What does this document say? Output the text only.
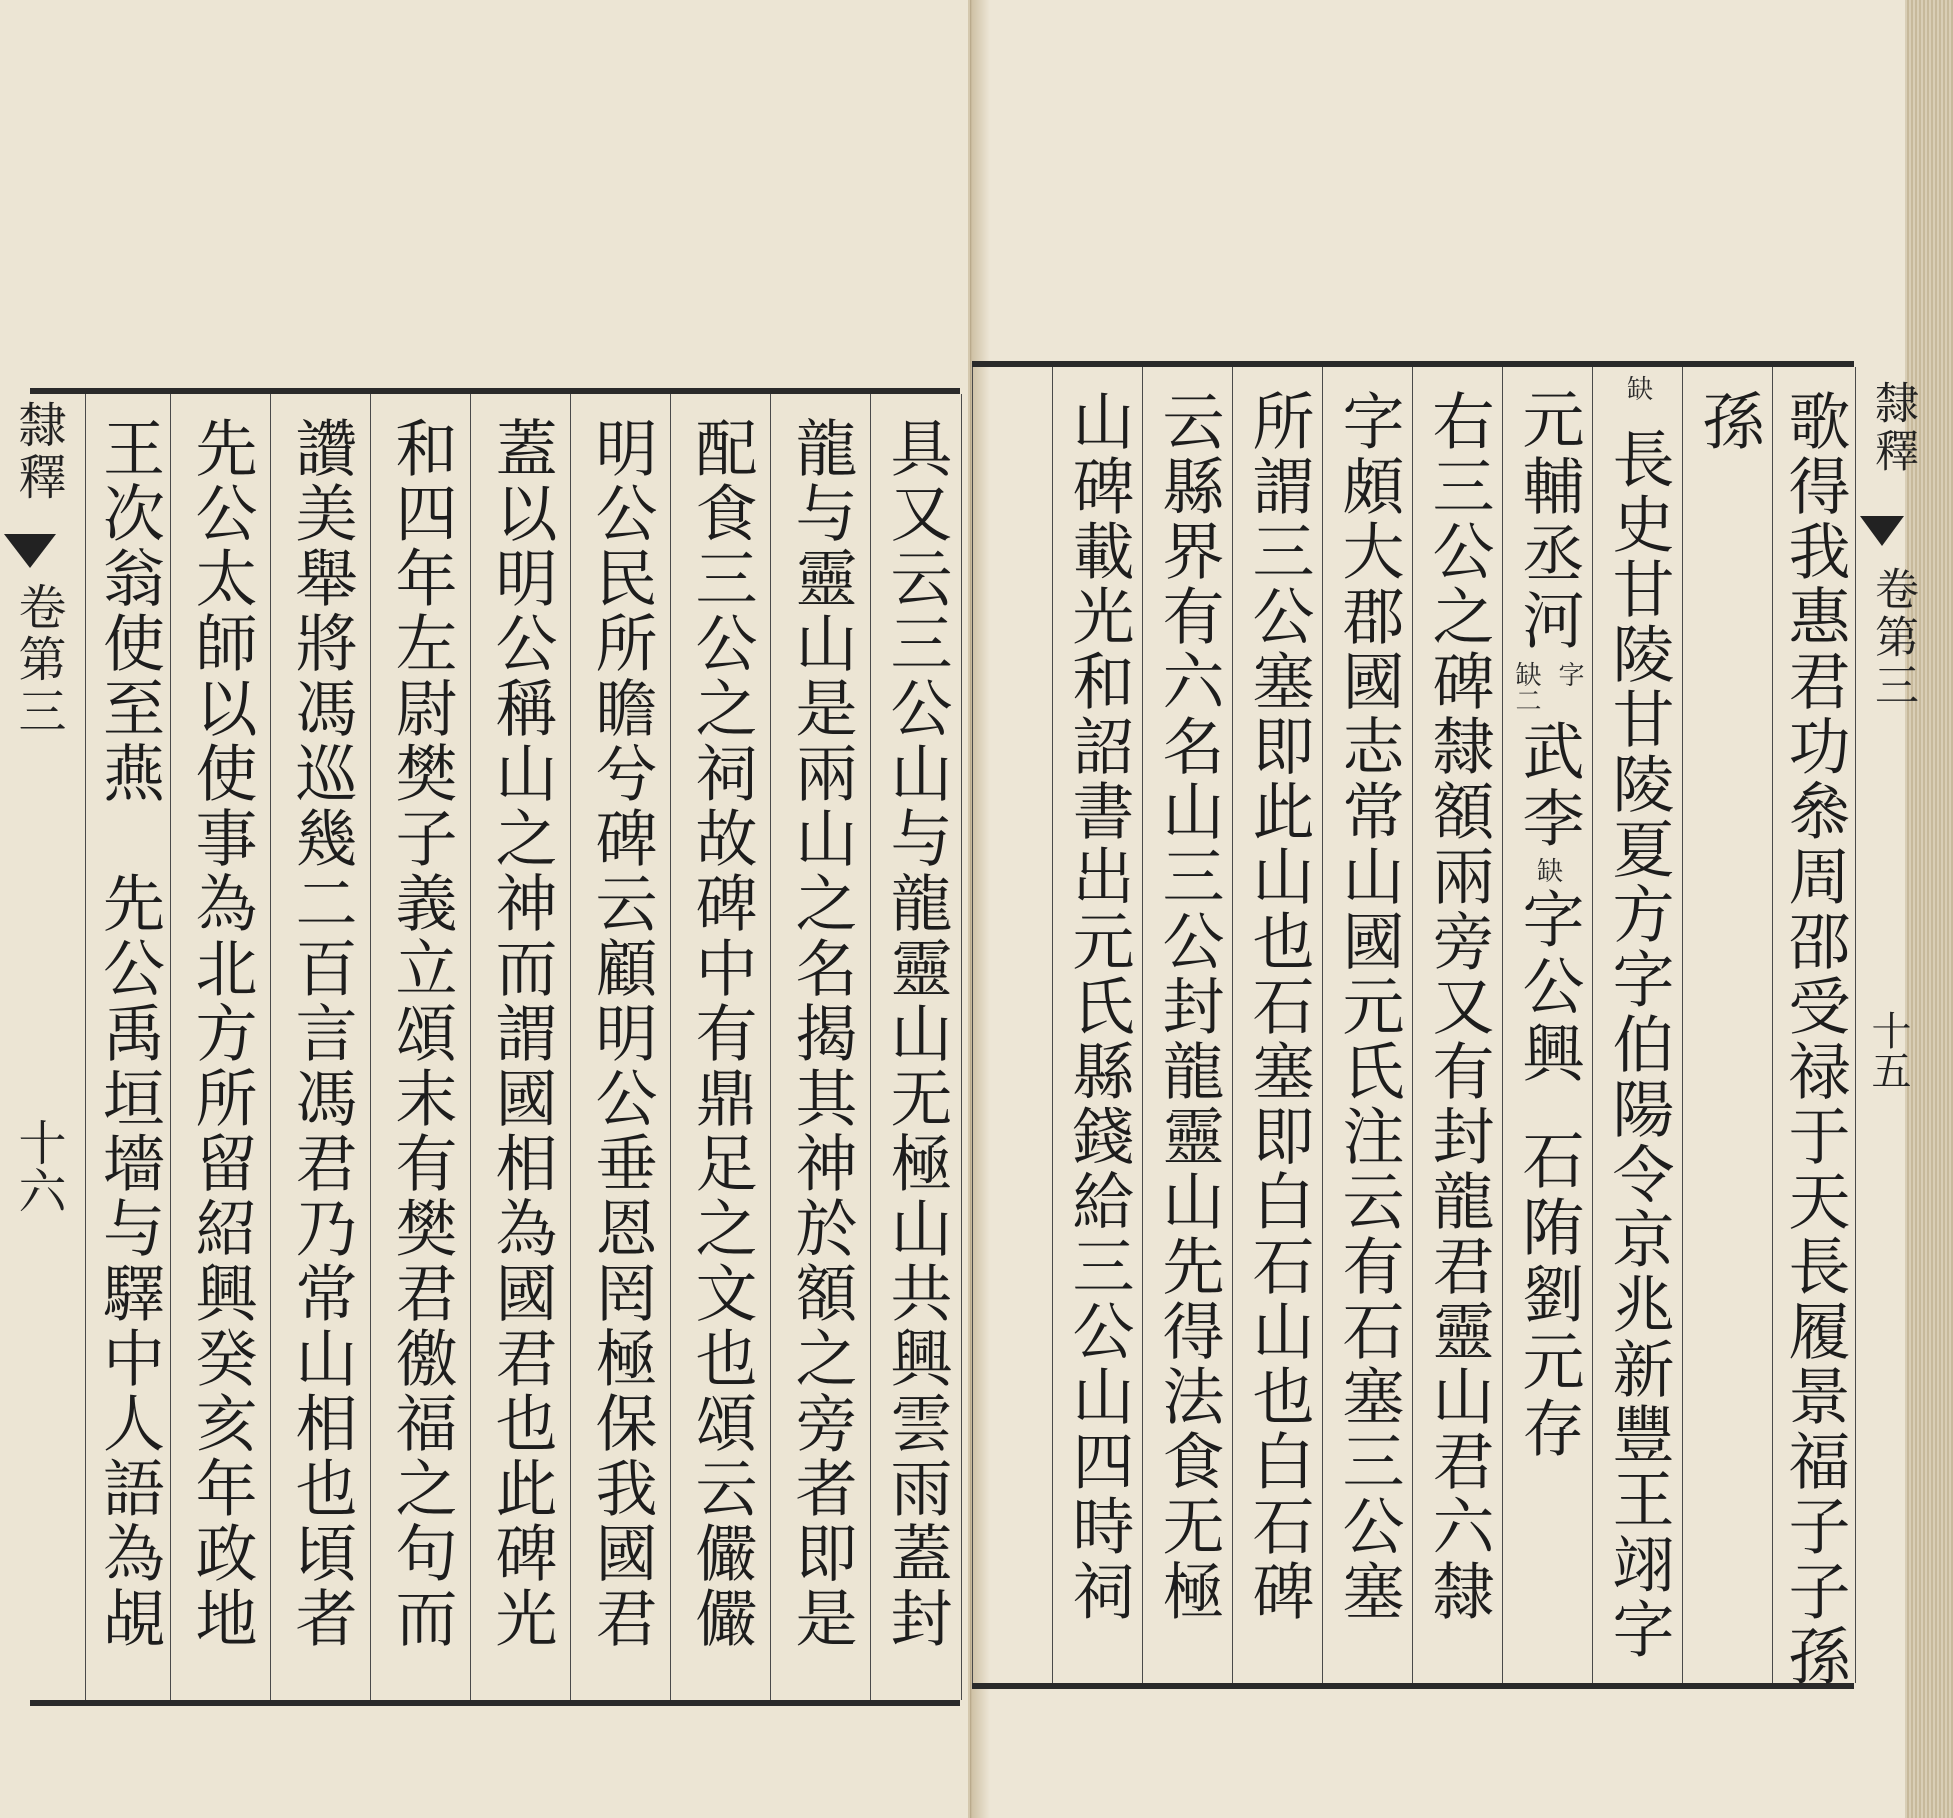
歌得我惠君功叅周邵受禄于天長履景福子子孫
孫
缺
長史甘陵甘陵夏方字伯陽令京兆新豐王翊字
元輔丞河
缺二 字
武李
缺
字公興
石陏劉元存
右三公之碑隸額兩旁又有封龍君靈山君六隸
字頗大郡國志常山國元氏注云有石塞三公塞
所謂三公塞即此山也石塞即白石山也白石碑
云縣界有六名山三公封龍靈山先得法食无極
山碑載光和詔書出元氏縣錢給三公山四時祠	隸釋
卷第三
十五
具又云三公山与龍靈山无極山共興雲雨蓋封
龍与靈山是兩山之名揭其神於額之旁者即是
配食三公之祠故碑中有鼎足之文也頌云儼儼
明公民所瞻兮碑云顧明公垂恩罔極保我國君
蓋以明公稱山之神而謂國相為國君也此碑光
和四年左尉樊子義立頌末有樊君徼福之句而
讚美舉將馮巡幾二百言馮君乃常山相也頃者
先公太師以使事為北方所留紹興癸亥年政地
王次翁使至燕　先公禹垣墻与驛中人語為覘
隸釋
卷第三
十六
